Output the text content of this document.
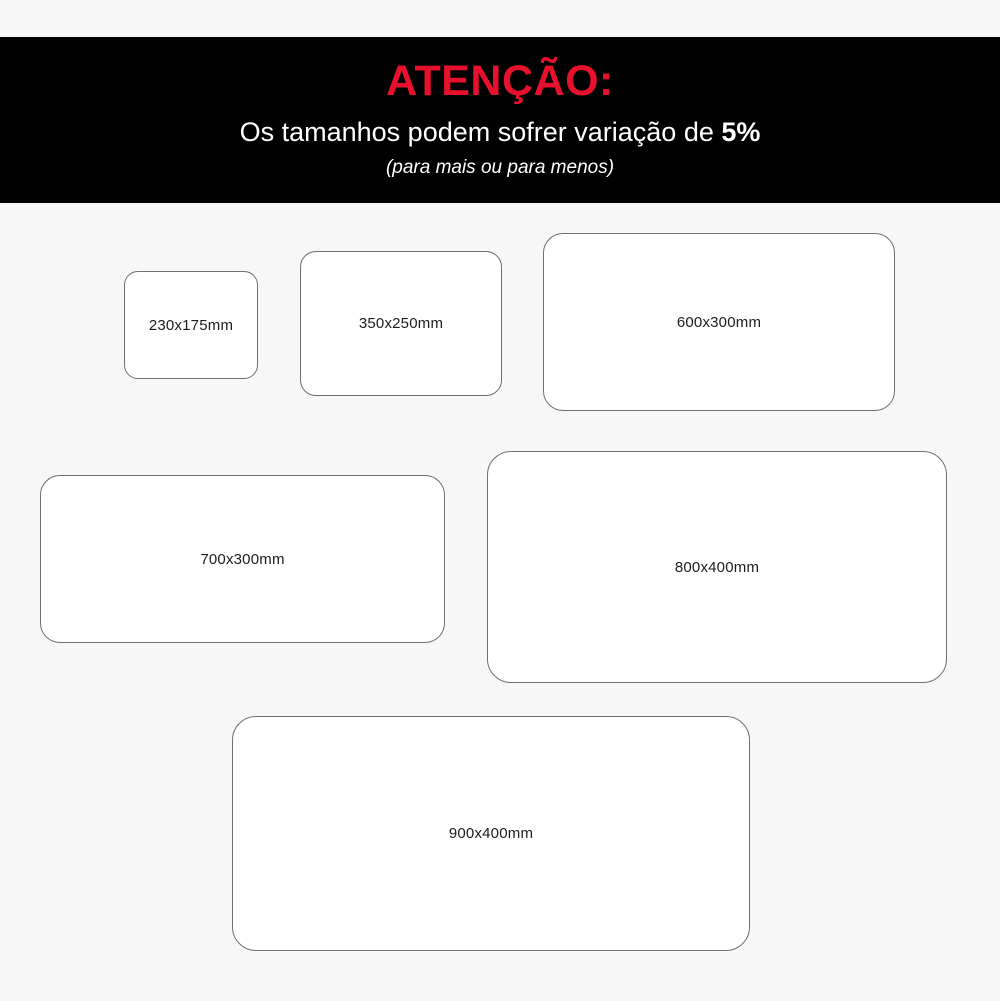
ATENÇÃO:
Os tamanhos podem sofrer variação de 5%
(para mais ou para menos)
230x175mm	350x250mm	600x300mm
700x300mm	800x400mm
900x400mm
